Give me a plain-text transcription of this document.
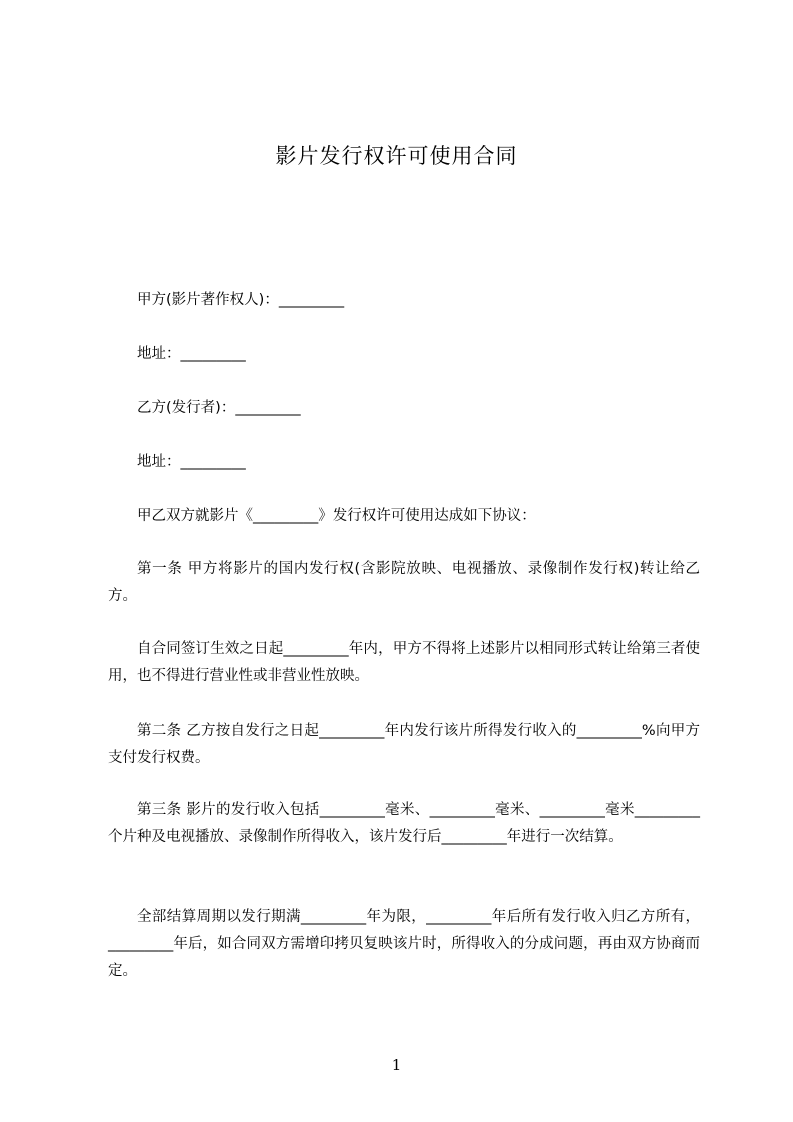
影片发行权许可使用合同
甲方(影片著作权人)：_________
地址：_________
乙方(发行者)：_________
地址：_________
甲乙双方就影片《_________》发行权许可使用达成如下协议：
第一条 甲方将影片的国内发行权(含影院放映、电视播放、录像制作发行权)转让给乙方。
自合同签订生效之日起_________年内，甲方不得将上述影片以相同形式转让给第三者使用，也不得进行营业性或非营业性放映。
第二条 乙方按自发行之日起_________年内发行该片所得发行收入的_________%向甲方支付发行权费。
第三条 影片的发行收入包括_________毫米、_________毫米、_________毫米_________个片种及电视播放、录像制作所得收入，该片发行后_________年进行一次结算。
全部结算周期以发行期满_________年为限，_________年后所有发行收入归乙方所有，_________年后，如合同双方需增印拷贝复映该片时，所得收入的分成问题，再由双方协商而定。
1
